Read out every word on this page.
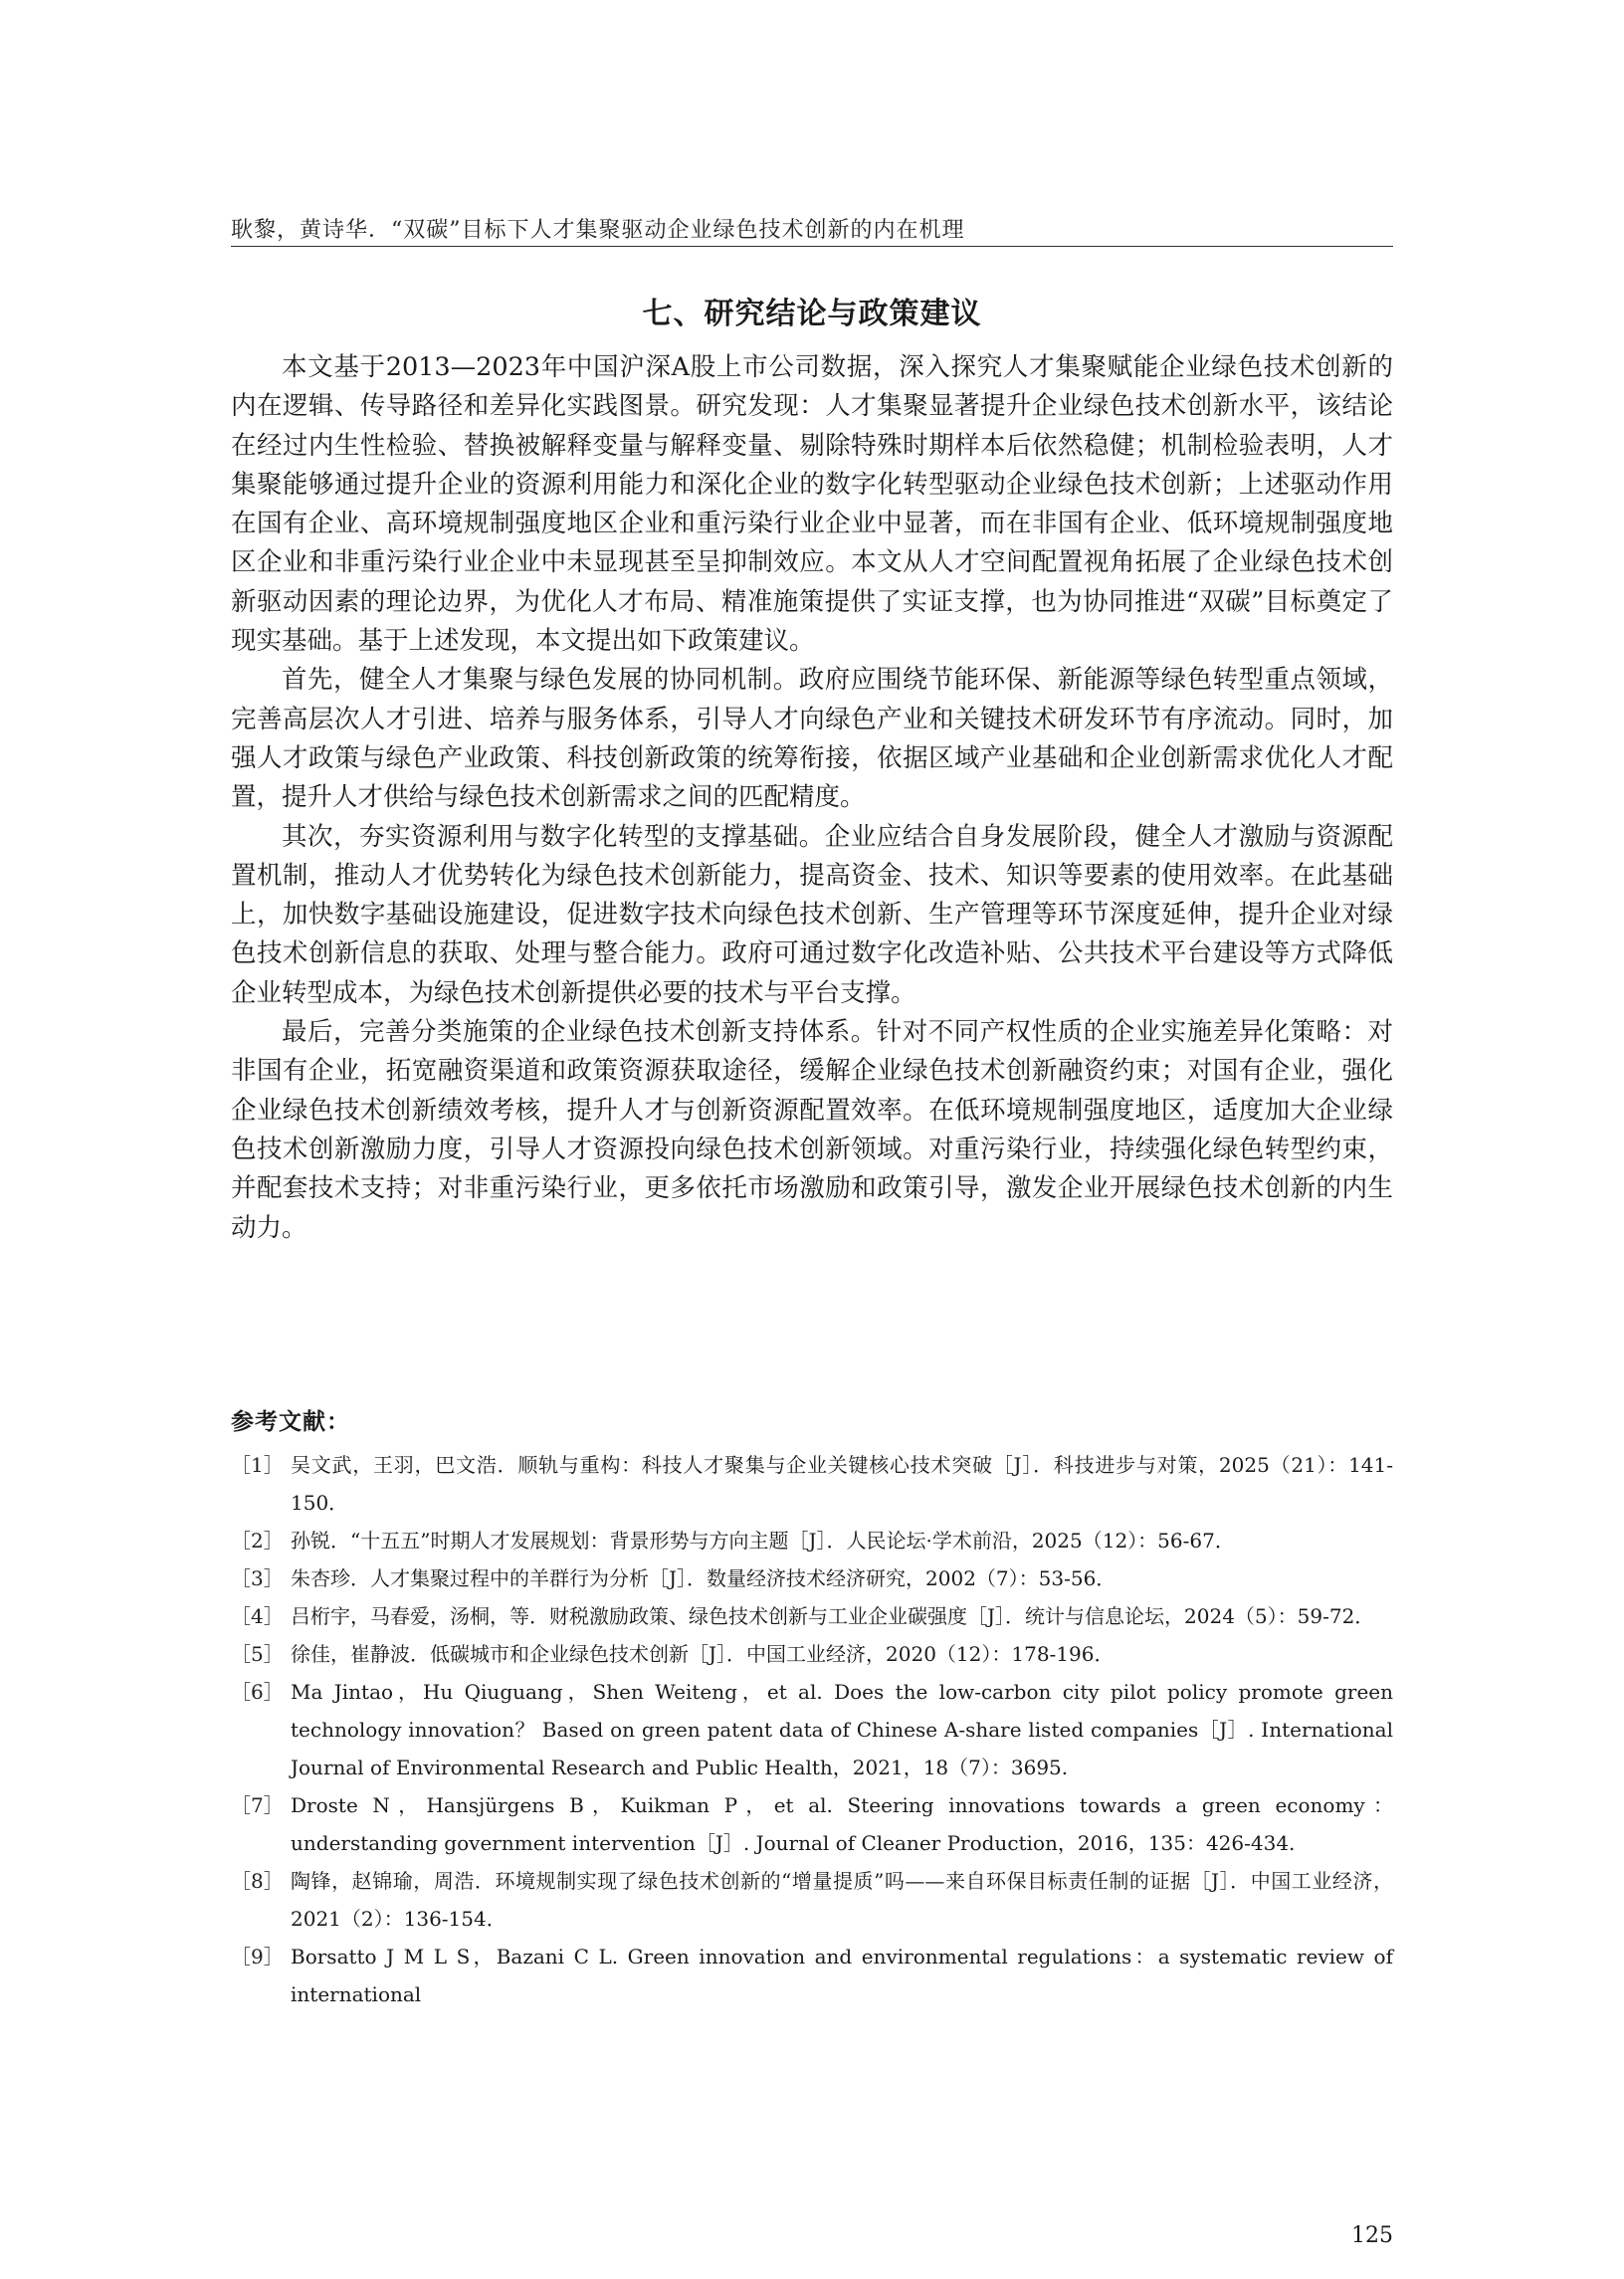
耿黎，黄诗华．“双碳”目标下人才集聚驱动企业绿色技术创新的内在机理
七、研究结论与政策建议

本文基于2013—2023年中国沪深A股上市公司数据，深入探究人才集聚赋能企业绿色技术创新的内在逻辑、传导路径和差异化实践图景。研究发现：人才集聚显著提升企业绿色技术创新水平，该结论在经过内生性检验、替换被解释变量与解释变量、剔除特殊时期样本后依然稳健；机制检验表明，人才集聚能够通过提升企业的资源利用能力和深化企业的数字化转型驱动企业绿色技术创新；上述驱动作用在国有企业、高环境规制强度地区企业和重污染行业企业中显著，而在非国有企业、低环境规制强度地区企业和非重污染行业企业中未显现甚至呈抑制效应。本文从人才空间配置视角拓展了企业绿色技术创新驱动因素的理论边界，为优化人才布局、精准施策提供了实证支撑，也为协同推进“双碳”目标奠定了现实基础。基于上述发现，本文提出如下政策建议。

首先，健全人才集聚与绿色发展的协同机制。政府应围绕节能环保、新能源等绿色转型重点领域，完善高层次人才引进、培养与服务体系，引导人才向绿色产业和关键技术研发环节有序流动。同时，加强人才政策与绿色产业政策、科技创新政策的统筹衔接，依据区域产业基础和企业创新需求优化人才配置，提升人才供给与绿色技术创新需求之间的匹配精度。

其次，夯实资源利用与数字化转型的支撑基础。企业应结合自身发展阶段，健全人才激励与资源配置机制，推动人才优势转化为绿色技术创新能力，提高资金、技术、知识等要素的使用效率。在此基础上，加快数字基础设施建设，促进数字技术向绿色技术创新、生产管理等环节深度延伸，提升企业对绿色技术创新信息的获取、处理与整合能力。政府可通过数字化改造补贴、公共技术平台建设等方式降低企业转型成本，为绿色技术创新提供必要的技术与平台支撑。

最后，完善分类施策的企业绿色技术创新支持体系。针对不同产权性质的企业实施差异化策略：对非国有企业，拓宽融资渠道和政策资源获取途径，缓解企业绿色技术创新融资约束；对国有企业，强化企业绿色技术创新绩效考核，提升人才与创新资源配置效率。在低环境规制强度地区，适度加大企业绿色技术创新激励力度，引导人才资源投向绿色技术创新领域。对重污染行业，持续强化绿色转型约束，并配套技术支持；对非重污染行业，更多依托市场激励和政策引导，激发企业开展绿色技术创新的内生动力。

参考文献：
［1］ 吴文武，王羽，巴文浩．顺轨与重构：科技人才聚集与企业关键核心技术突破［J］．科技进步与对策，2025（21）：141-150．
［2］ 孙锐．“十五五”时期人才发展规划：背景形势与方向主题［J］．人民论坛·学术前沿，2025（12）：56-67．
［3］ 朱杏珍．人才集聚过程中的羊群行为分析［J］．数量经济技术经济研究，2002（7）：53-56．
［4］ 吕桁宇，马春爱，汤桐，等．财税激励政策、绿色技术创新与工业企业碳强度［J］．统计与信息论坛，2024（5）：59-72．
［5］ 徐佳，崔静波．低碳城市和企业绿色技术创新［J］．中国工业经济，2020（12）：178-196．
［6］ Ma Jintao，Hu Qiuguang，Shen Weiteng，et al. Does the low-carbon city pilot policy promote green technology innovation？ Based on green patent data of Chinese A-share listed companies［J］. International Journal of Environmental Research and Public Health，2021，18（7）：3695.
［7］ Droste N，Hansjürgens B，Kuikman P，et al. Steering innovations towards a green economy：understanding government intervention［J］. Journal of Cleaner Production，2016，135：426-434.
［8］ 陶锋，赵锦瑜，周浩．环境规制实现了绿色技术创新的“增量提质”吗——来自环保目标责任制的证据［J］．中国工业经济，2021（2）：136-154．
［9］ Borsatto J M L S，Bazani C L. Green innovation and environmental regulations：a systematic review of international
125
